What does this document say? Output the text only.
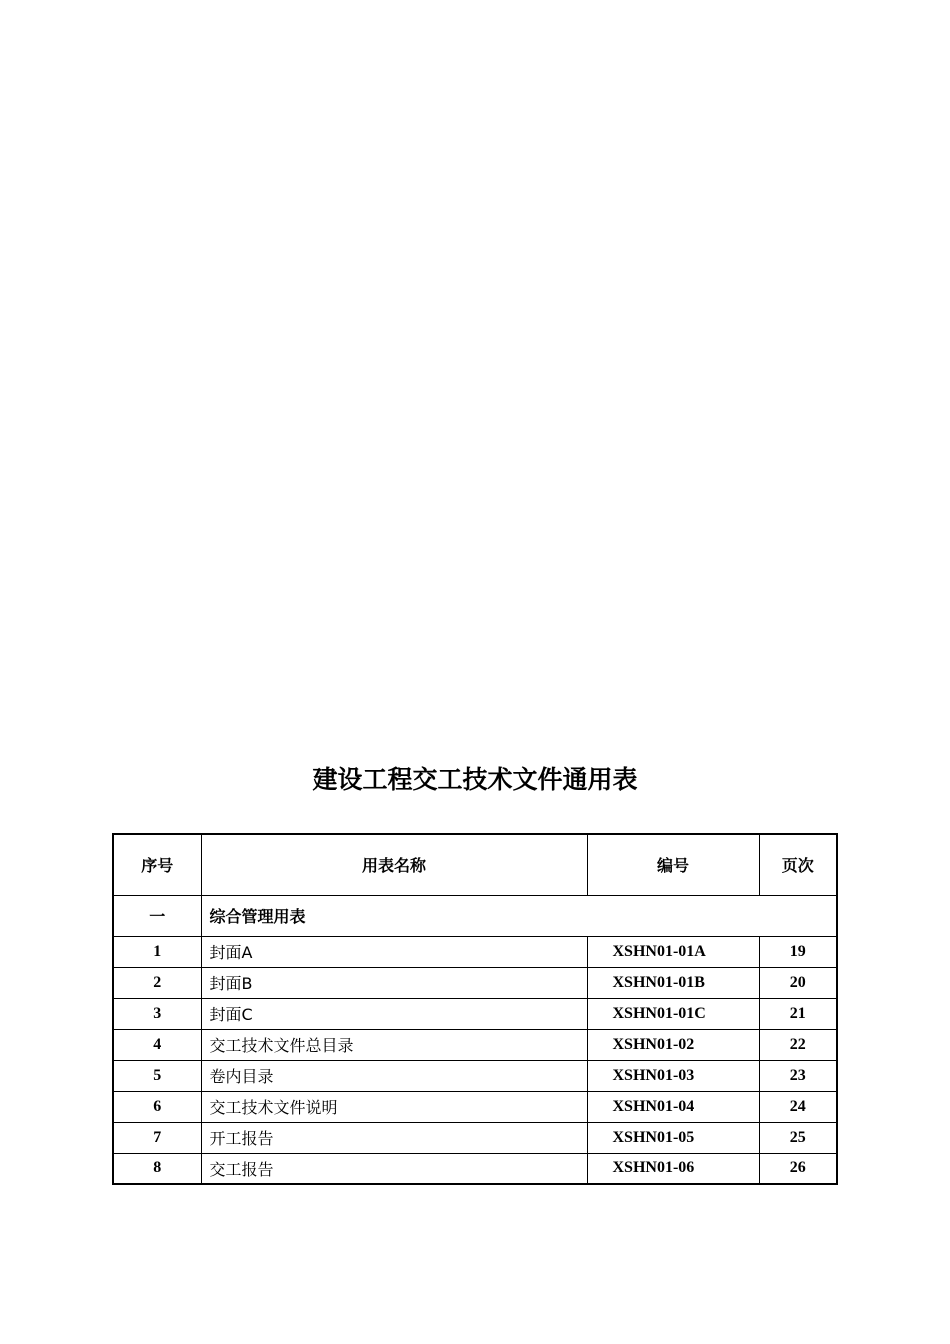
建设工程交工技术文件通用表
序号	用表名称	编号	页次
一	综合管理用表		
1	封面A	XSHN01-01A	19
2	封面B	XSHN01-01B	20
3	封面C	XSHN01-01C	21
4	交工技术文件总目录	XSHN01-02	22
5	卷内目录	XSHN01-03	23
6	交工技术文件说明	XSHN01-04	24
7	开工报告	XSHN01-05	25
8	交工报告	XSHN01-06	26
